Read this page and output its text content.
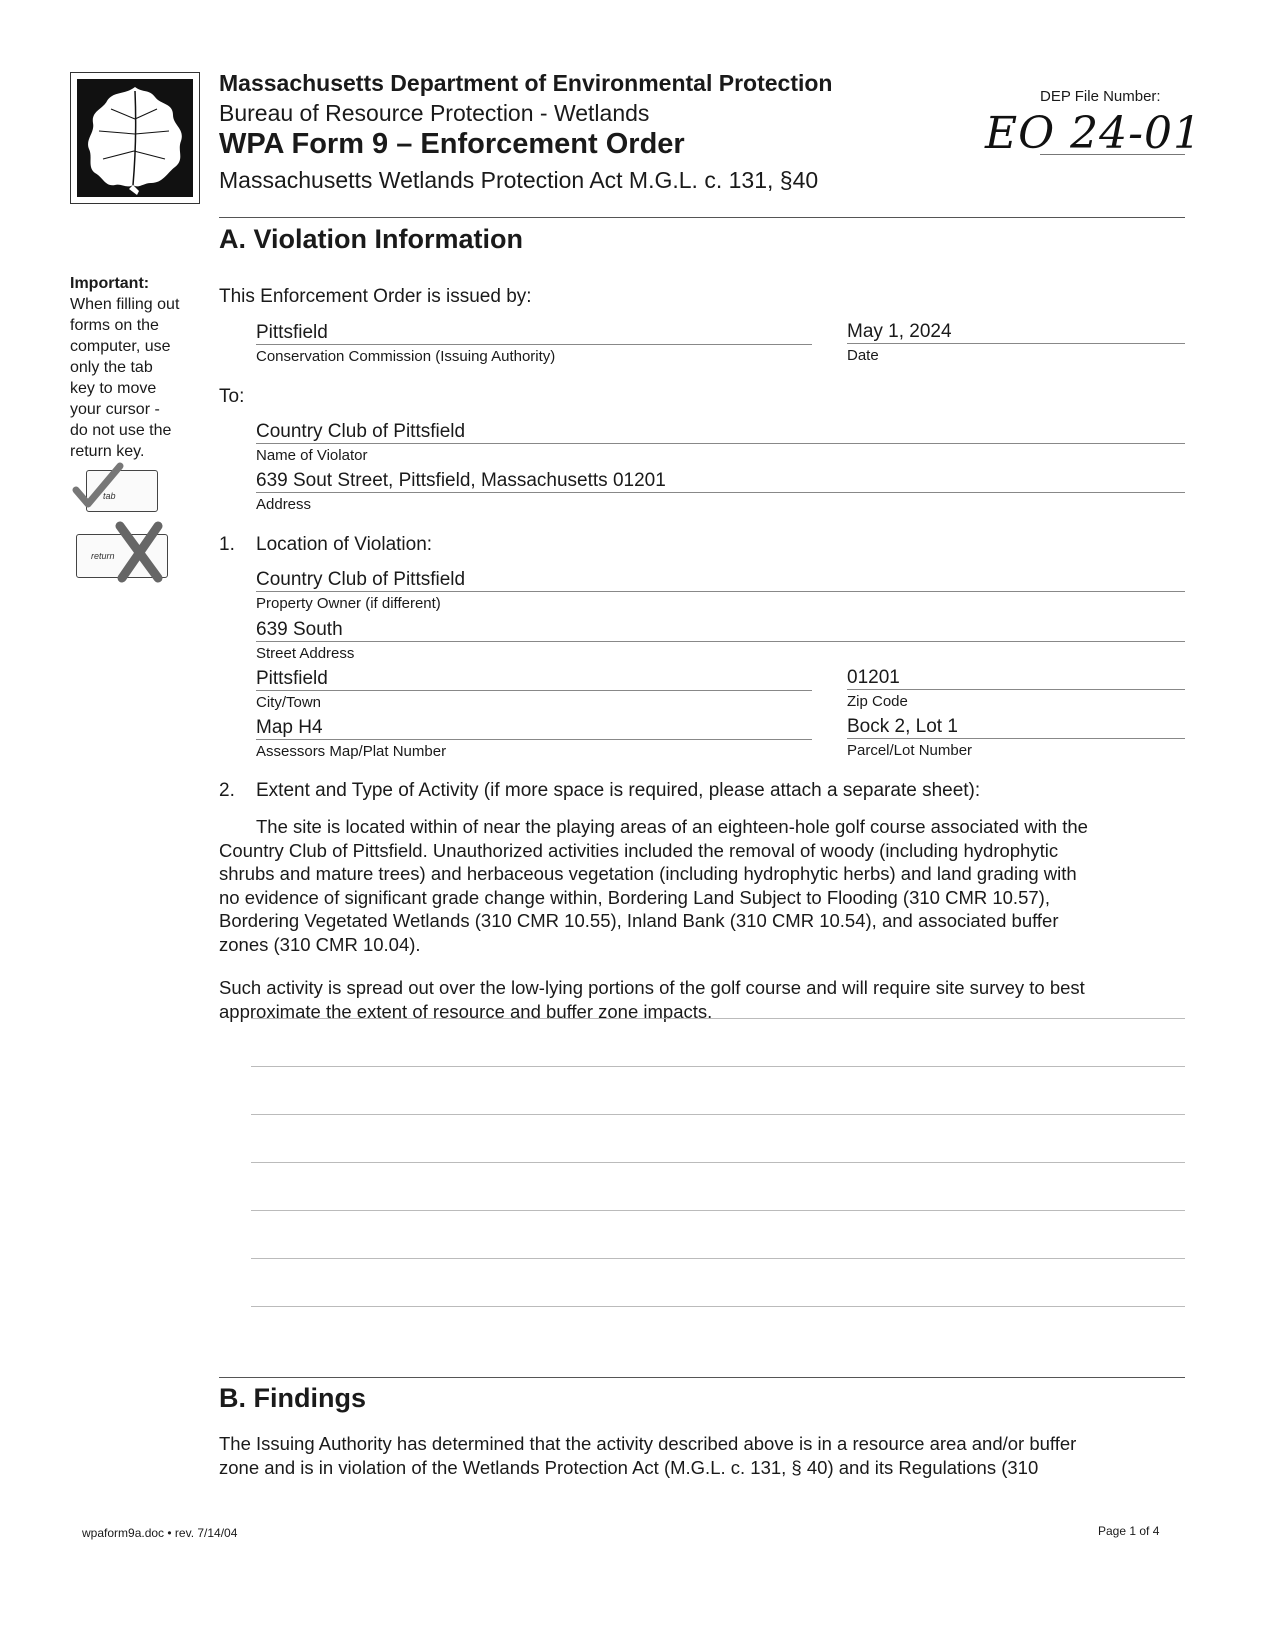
Massachusetts Department of Environmental Protection
Bureau of Resource Protection - Wetlands
WPA Form 9 – Enforcement Order
Massachusetts Wetlands Protection Act M.G.L. c. 131, §40
DEP File Number:
EO 24-01
Important:
When filling out
forms on the
computer, use
only the tab
key to move
your cursor -
do not use the
return key.
tab
return
A. Violation Information
This Enforcement Order is issued by:
Pittsfield
Conservation Commission (Issuing Authority)
May 1, 2024
Date
To:
Country Club of Pittsfield
Name of Violator
639 Sout Street, Pittsfield, Massachusetts 01201
Address
1. Location of Violation:
Country Club of Pittsfield
Property Owner (if different)
639 South
Street Address
Pittsfield
City/Town
01201
Zip Code
Map H4
Assessors Map/Plat Number
Bock 2, Lot 1
Parcel/Lot Number
2. Extent and Type of Activity (if more space is required, please attach a separate sheet):
The site is located within of near the playing areas of an eighteen-hole golf course associated with the
Country Club of Pittsfield. Unauthorized activities included the removal of woody (including hydrophytic
shrubs and mature trees) and herbaceous vegetation (including hydrophytic herbs) and land grading with
no evidence of significant grade change within, Bordering Land Subject to Flooding (310 CMR 10.57),
Bordering Vegetated Wetlands (310 CMR 10.55), Inland Bank (310 CMR 10.54), and associated buffer
zones (310 CMR 10.04).
Such activity is spread out over the low-lying portions of the golf course and will require site survey to best
approximate the extent of resource and buffer zone impacts.
B. Findings
The Issuing Authority has determined that the activity described above is in a resource area and/or buffer
zone and is in violation of the Wetlands Protection Act (M.G.L. c. 131, § 40) and its Regulations (310
wpaform9a.doc • rev. 7/14/04	Page 1 of 4
